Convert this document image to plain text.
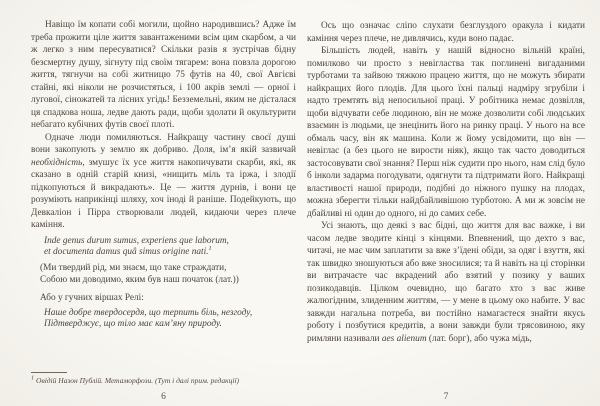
Навіщо їм копати собі могили, щойно народившись? Адже їм треба прожити ціле життя завантаженими всім цим скарбом, а чи ж легко з ним пересуватися? Скільки разів я зустрічав бідну безсмертну душу, зігнуту під своїм тягарем: вона повзла дорогою життя, тягнучи на собі житницю 75 футів на 40, свої Авгієві стайні, які ніколи не розчистяться, і 100 акрів землі — орної і лугової, сіножатей та лісних угідь! Безземельні, яким не дісталася ця спадкова ноша, ледве дають ради, щоби здолати й окультурити небагато кубічних футів своєї плоті.

Одначе люди помиляються. Найкращу частину своєї душі вони закопують у землю як добриво. Доля, ім’я якій зазвичай необхідність, змушує їх усе життя накопичувати скарби, які, як сказано в одній старій книзі, «нищить міль та іржа, і злодії підкопуються й викрадають». Це — життя дурнів, і вони це розуміють наприкінці шляху, хоч іноді й раніше. Подейкують, що Девкаліон і Пірра створювали людей, кидаючи через плече каміння.

Inde genus durum sumus, experiens que laborum,
et documenta damus quâ simus origine nati.$^1$
(Ми твердий рід, ми знаєм, що таке страждати,
Собою ми доводимо, яким був наш початок (лат.))

Або у гучних віршах Релі:

Наше добре твердосердя, що терпить біль, незгоду,
Підтверджує, що тіло має кам’яну природу.
$^1$ Овідій Назон Публій. Метаморфози. (Тут і далі прим. редакції)
6

Ось що означає сліпо слухати безглуздого оракула і кидати каміння через плече, не дивлячись, куди воно падає.

Більшість людей, навіть у нашій відносно вільній країні, помилково чи просто з невігластва так поглинені вигаданими турботами та зайвою тяжкою працею життя, що не можуть збирати найкращих його плодів. Для цього їхні пальці надміру згрубіли і надто тремтять від непосильної праці. У робітника немає дозвілля, щоби відчувати себе людиною, він не може дозволити собі людських взаємин із людьми, це знецінить його на ринку праці. У нього на все обмаль часу, він як машина. Коли ж йому усвідомити, що він — невіглас (а без цього не вирости ніяк), якщо так часто доводиться застосовувати свої знання? Перш ніж судити про нього, нам слід було б інколи задарма погодувати, одягнути та підтримати його. Найкращі властивості нашої природи, подібні до ніжного пушку на плодах, можна зберегти тільки найдбайливішою турботою. А ми ж зовсім не дбайливі ні один до одного, ні до самих себе.

Усі знають, що деякі з вас бідні, що життя для вас важке, і ви часом ледве зводите кінці з кінцями. Впевнений, що дехто з вас, читачі, не має чим заплатити за вже з’їдені обіди, за одяг і взуття, які так швидко зношуються або вже зносилися; та й навіть на ці сторінки ви витрачаєте час вкрадений або взятий у позику у ваших позикодавців. Цілком очевидно, що багато хто з вас живе жалюгідним, злиденним життям, — у мене в цьому око набите. У вас завжди нагальна потреба, ви постійно намагаєтеся знайти якусь роботу і позбутися кредитів, а вони завжди були трясовиною, яку римляни називали aes alienum (лат. борг), або чужа мідь,

7
